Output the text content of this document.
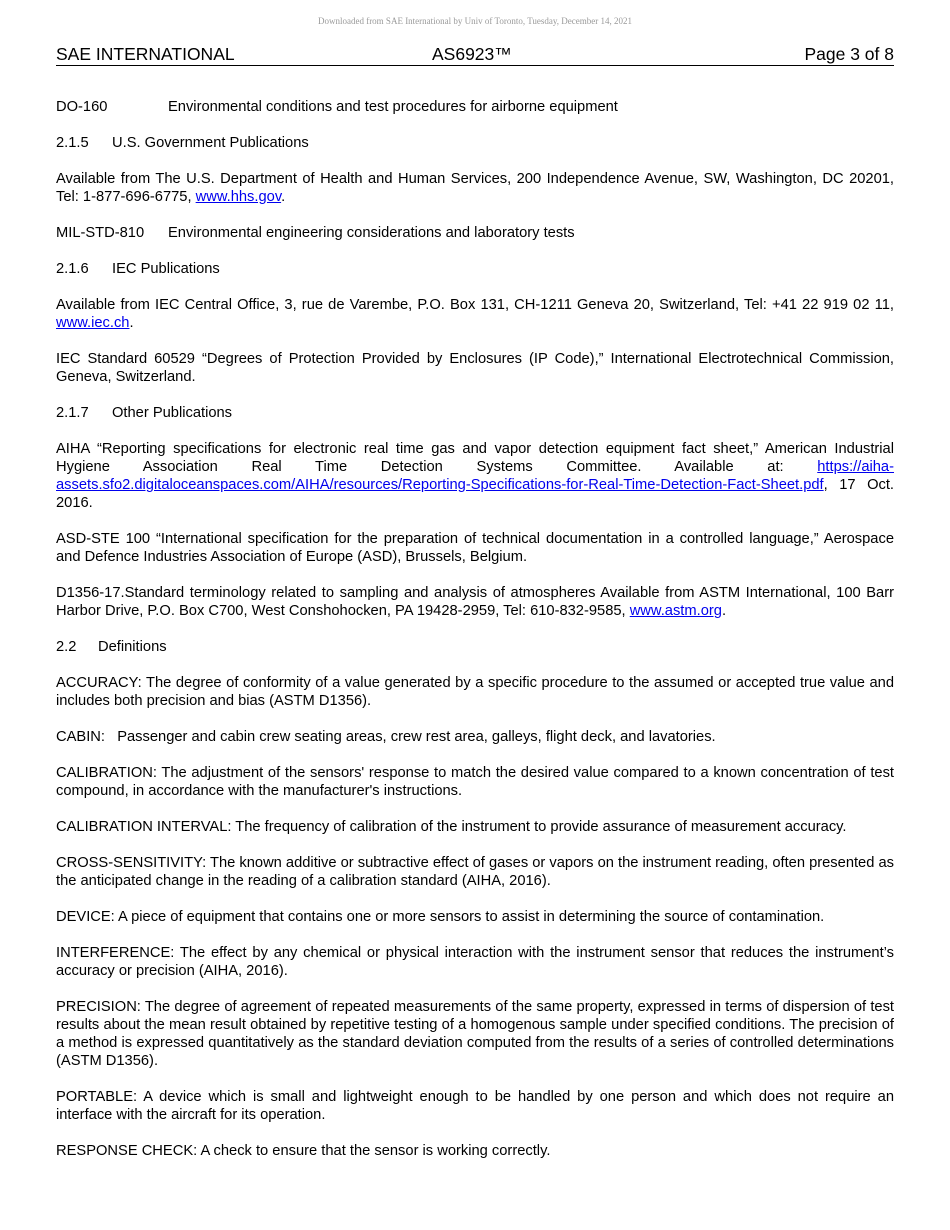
Downloaded from SAE International by Univ of Toronto, Tuesday, December 14, 2021
SAE INTERNATIONAL	AS6923™	Page 3 of 8

DO-160	Environmental conditions and test procedures for airborne equipment

2.1.5 U.S. Government Publications

Available from The U.S. Department of Health and Human Services, 200 Independence Avenue, SW, Washington, DC 20201, Tel: 1-877-696-6775, www.hhs.gov.

MIL-STD-810 Environmental engineering considerations and laboratory tests

2.1.6 IEC Publications

Available from IEC Central Office, 3, rue de Varembe, P.O. Box 131, CH-1211 Geneva 20, Switzerland, Tel: +41 22 919 02 11, www.iec.ch.

IEC Standard 60529 “Degrees of Protection Provided by Enclosures (IP Code),” International Electrotechnical Commission, Geneva, Switzerland.

2.1.7 Other Publications

AIHA “Reporting specifications for electronic real time gas and vapor detection equipment fact sheet,” American Industrial Hygiene Association Real Time Detection Systems Committee. Available at: https://aiha-assets.sfo2.digitaloceanspaces.com/AIHA/resources/Reporting-Specifications-for-Real-Time-Detection-Fact-Sheet.pdf, 17 Oct. 2016.

ASD-STE 100 “International specification for the preparation of technical documentation in a controlled language,” Aerospace and Defence Industries Association of Europe (ASD), Brussels, Belgium.

D1356-17.Standard terminology related to sampling and analysis of atmospheres Available from ASTM International, 100 Barr Harbor Drive, P.O. Box C700, West Conshohocken, PA 19428-2959, Tel: 610-832-9585, www.astm.org.

2.2 Definitions

ACCURACY: The degree of conformity of a value generated by a specific procedure to the assumed or accepted true value and includes both precision and bias (ASTM D1356).

CABIN:   Passenger and cabin crew seating areas, crew rest area, galleys, flight deck, and lavatories.

CALIBRATION: The adjustment of the sensors' response to match the desired value compared to a known concentration of test compound, in accordance with the manufacturer's instructions.

CALIBRATION INTERVAL: The frequency of calibration of the instrument to provide assurance of measurement accuracy.

CROSS-SENSITIVITY: The known additive or subtractive effect of gases or vapors on the instrument reading, often presented as the anticipated change in the reading of a calibration standard (AIHA, 2016).

DEVICE: A piece of equipment that contains one or more sensors to assist in determining the source of contamination.

INTERFERENCE: The effect by any chemical or physical interaction with the instrument sensor that reduces the instrument’s accuracy or precision (AIHA, 2016).

PRECISION: The degree of agreement of repeated measurements of the same property, expressed in terms of dispersion of test results about the mean result obtained by repetitive testing of a homogenous sample under specified conditions. The precision of a method is expressed quantitatively as the standard deviation computed from the results of a series of controlled determinations (ASTM D1356).

PORTABLE: A device which is small and lightweight enough to be handled by one person and which does not require an interface with the aircraft for its operation.

RESPONSE CHECK: A check to ensure that the sensor is working correctly.
